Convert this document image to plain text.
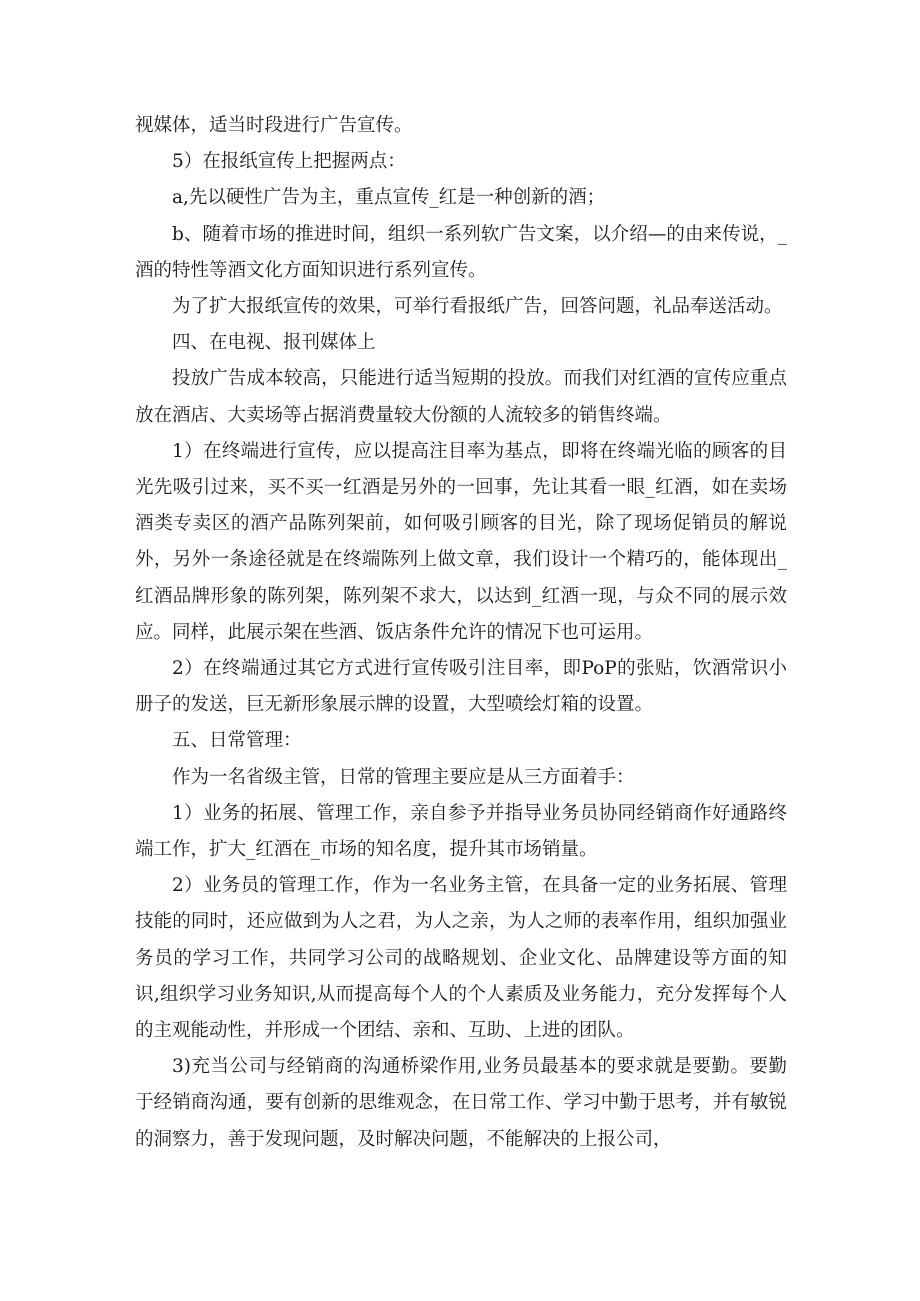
视媒体，适当时段进行广告宣传。

5）在报纸宣传上把握两点：

a,先以硬性广告为主，重点宣传_红是一种创新的酒；

b、随着市场的推进时间，组织一系列软广告文案，以介绍—的由来传说，_酒的特性等酒文化方面知识进行系列宣传。

为了扩大报纸宣传的效果，可举行看报纸广告，回答问题，礼品奉送活动。

四、在电视、报刊媒体上

投放广告成本较高，只能进行适当短期的投放。而我们对红酒的宣传应重点放在酒店、大卖场等占据消费量较大份额的人流较多的销售终端。

1）在终端进行宣传，应以提高注目率为基点，即将在终端光临的顾客的目光先吸引过来，买不买一红酒是另外的一回事，先让其看一眼_红酒，如在卖场酒类专卖区的酒产品陈列架前，如何吸引顾客的目光，除了现场促销员的解说外，另外一条途径就是在终端陈列上做文章，我们设计一个精巧的，能体现出_红酒品牌形象的陈列架，陈列架不求大，以达到_红酒一现，与众不同的展示效应。同样，此展示架在些酒、饭店条件允许的情况下也可运用。

2）在终端通过其它方式进行宣传吸引注目率，即PoP的张贴，饮酒常识小册子的发送，巨无新形象展示牌的设置，大型喷绘灯箱的设置。

五、日常管理：

作为一名省级主管，日常的管理主要应是从三方面着手：

1）业务的拓展、管理工作，亲自参予并指导业务员协同经销商作好通路终端工作，扩大_红酒在_市场的知名度，提升其市场销量。

2）业务员的管理工作，作为一名业务主管，在具备一定的业务拓展、管理技能的同时，还应做到为人之君，为人之亲，为人之师的表率作用，组织加强业务员的学习工作，共同学习公司的战略规划、企业文化、品牌建设等方面的知识,组织学习业务知识,从而提高每个人的个人素质及业务能力，充分发挥每个人的主观能动性，并形成一个团结、亲和、互助、上进的团队。

3)充当公司与经销商的沟通桥梁作用,业务员最基本的要求就是要勤。要勤于经销商沟通，要有创新的思维观念，在日常工作、学习中勤于思考，并有敏锐的洞察力，善于发现问题，及时解决问题，不能解决的上报公司，
